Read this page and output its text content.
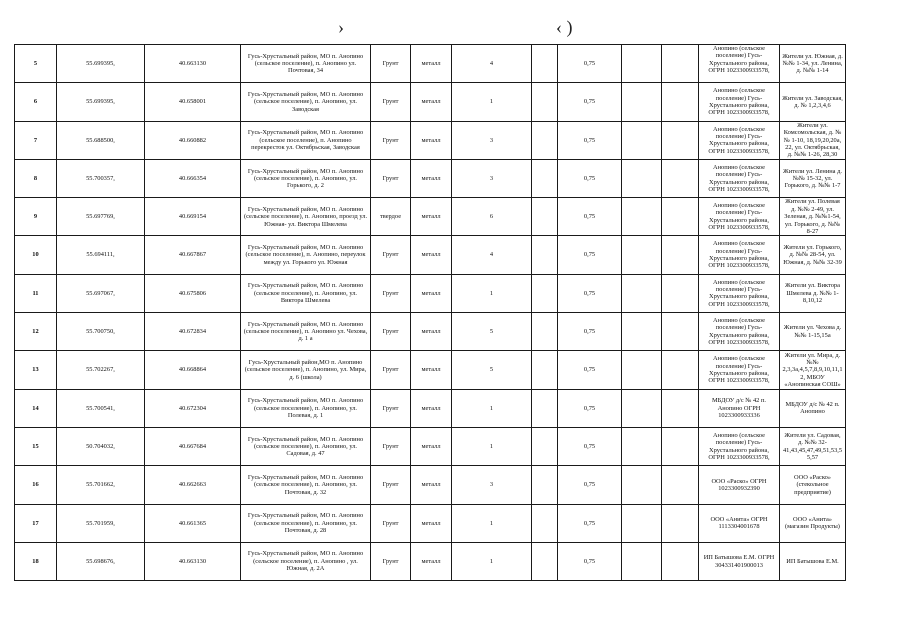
›	‹ )
5	55.699395,	40.663130	Гусь-Хрустальный район, МО п. Анопино (сельское поселение), п. Анопино ул. Почтовая, 34	Грунт	металл	4		0,75			Анопино (сельское поселение) Гусь-Хрустального района, ОГРН 1023300933578,	Жители ул. Южная, д. №№ 1-34, ул. Ленина, д. №№ 1-14
6	55.699395,	40.658001	Гусь-Хрустальный район, МО п. Анопино (сельское поселение), п. Анопино, ул. Заводская	Грунт	металл	1		0,75			Анопино (сельское поселение) Гусь-Хрустального района, ОГРН 1023300933578,	Жители ул. Заводская, д. № 1,2,3,4,6
7	55.688500,	40.660882	Гусь-Хрустальный район, МО п. Анопино (сельское поселение), п. Анопино перекресток ул. Октябрьская, Заводская	Грунт	металл	3		0,75			Анопино (сельское поселение) Гусь-Хрустального района, ОГРН 1023300933578,	Жители ул. Комсомольская, д. №№ 1-10, 18,19,20,20а, 22, ул. Октябрьская, д. №№ 1-26, 28,30
8	55.700357,	40.666354	Гусь-Хрустальный район, МО п. Анопино (сельское поселение), п. Анопино, ул. Горького, д. 2	Грунт	металл	3		0,75			Анопино (сельское поселение) Гусь-Хрустального района, ОГРН 1023300933578,	Жители ул. Ленина д. №№ 15-32, ул. Горького, д. №№ 1-7
9	55.697769,	40.669154	Гусь-Хрустальный район, МО п. Анопино (сельское поселение), п. Анопино, проезд ул. Южная- ул. Виктора Шмелева	твердое	металл	6		0,75			Анопино (сельское поселение) Гусь-Хрустального района, ОГРН 1023300933578,	Жители ул. Полевая д. №№ 2-49, ул. Зеленая, д. №№1-54, ул. Горького, д. №№ 8-27
10	55.694111,	40.667867	Гусь-Хрустальный район, МО п. Анопино (сельское поселение), п. Анопино, переулок между ул. Горького ул. Южная	Грунт	металл	4		0,75			Анопино (сельское поселение) Гусь-Хрустального района, ОГРН 1023300933578,	Жители ул. Горького, д. №№ 28-54, ул. Южная, д. №№ 32-39
11	55.697067,	40.675806	Гусь-Хрустальный район, МО п. Анопино (сельское поселение), п. Анопино, ул. Виктора Шмелева	Грунт	металл	1		0,75			Анопино (сельское поселение) Гусь-Хрустального района, ОГРН 1023300933578,	Жители ул. Виктора Шмелева д. №№ 1-8,10,12
12	55.700750,	40.672834	Гусь-Хрустальный район, МО п. Анопино (сельское поселение), п. Анопино ул. Чехова, д. 1 а	Грунт	металл	5		0,75			Анопино (сельское поселение) Гусь-Хрустального района, ОГРН 1023300933578,	Жители ул. Чехова д.№№ 1-15,15а
13	55.702267,	40.668864	Гусь-Хрустальный район,МО п. Анопино (сельское поселение), п. Анопино, ул. Мира, д. 6 (школа)	Грунт	металл	5		0,75			Анопино (сельское поселение) Гусь-Хрустального района, ОГРН 1023300933578,	Жители ул. Мира, д. №№ 2,3,3а,4,5,7,8,9,10,11,12, МБОУ «Анопинская СОШ»
14	55.700541,	40.672304	Гусь-Хрустальный район, МО п. Анопино (сельское поселение), п. Анопино, ул. Полевая, д. 1	Грунт	металл	1		0,75			МБДОУ д/с № 42 п. Анопино ОГРН 1023300933336	МБДОУ д/с № 42 п. Анопино
15	50.704032,	40.667684	Гусь-Хрустальный район, МО п. Анопино (сельское поселение), п. Анопино, ул. Садовая, д. 47	Грунт	металл	1		0,75			Анопино (сельское поселение) Гусь-Хрустального района, ОГРН 1023300933578,	Жители ул. Садовая, д. №№ 32-41,43,45,47,49,51,53,55,57
16	55.701662,	40.662663	Гусь-Хрустальный район, МО п. Анопино (сельское поселение), п. Анопино, ул. Почтовая, д. 32	Грунт	металл	3		0,75			ООО «Раско» ОГРН 1023300932390	ООО «Раско» (стекольное предприятие)
17	55.701959,	40.661365	Гусь-Хрустальный район, МО п. Анопино (сельское поселение), п. Анопино, ул. Почтовая, д. 28	Грунт	металл	1		0,75			ООО «Анита» ОГРН 1113304001678	ООО «Анита» (магазин Продукты)
18	55.698676,	40.663130	Гусь-Хрустальный район, МО п. Анопино (сельское поселение), п. Анопино , ул. Южная, д. 2А	Грунт	металл	1		0,75			ИП Батышова Е.М. ОГРН 304331401900013	ИП Батышова Е.М.
